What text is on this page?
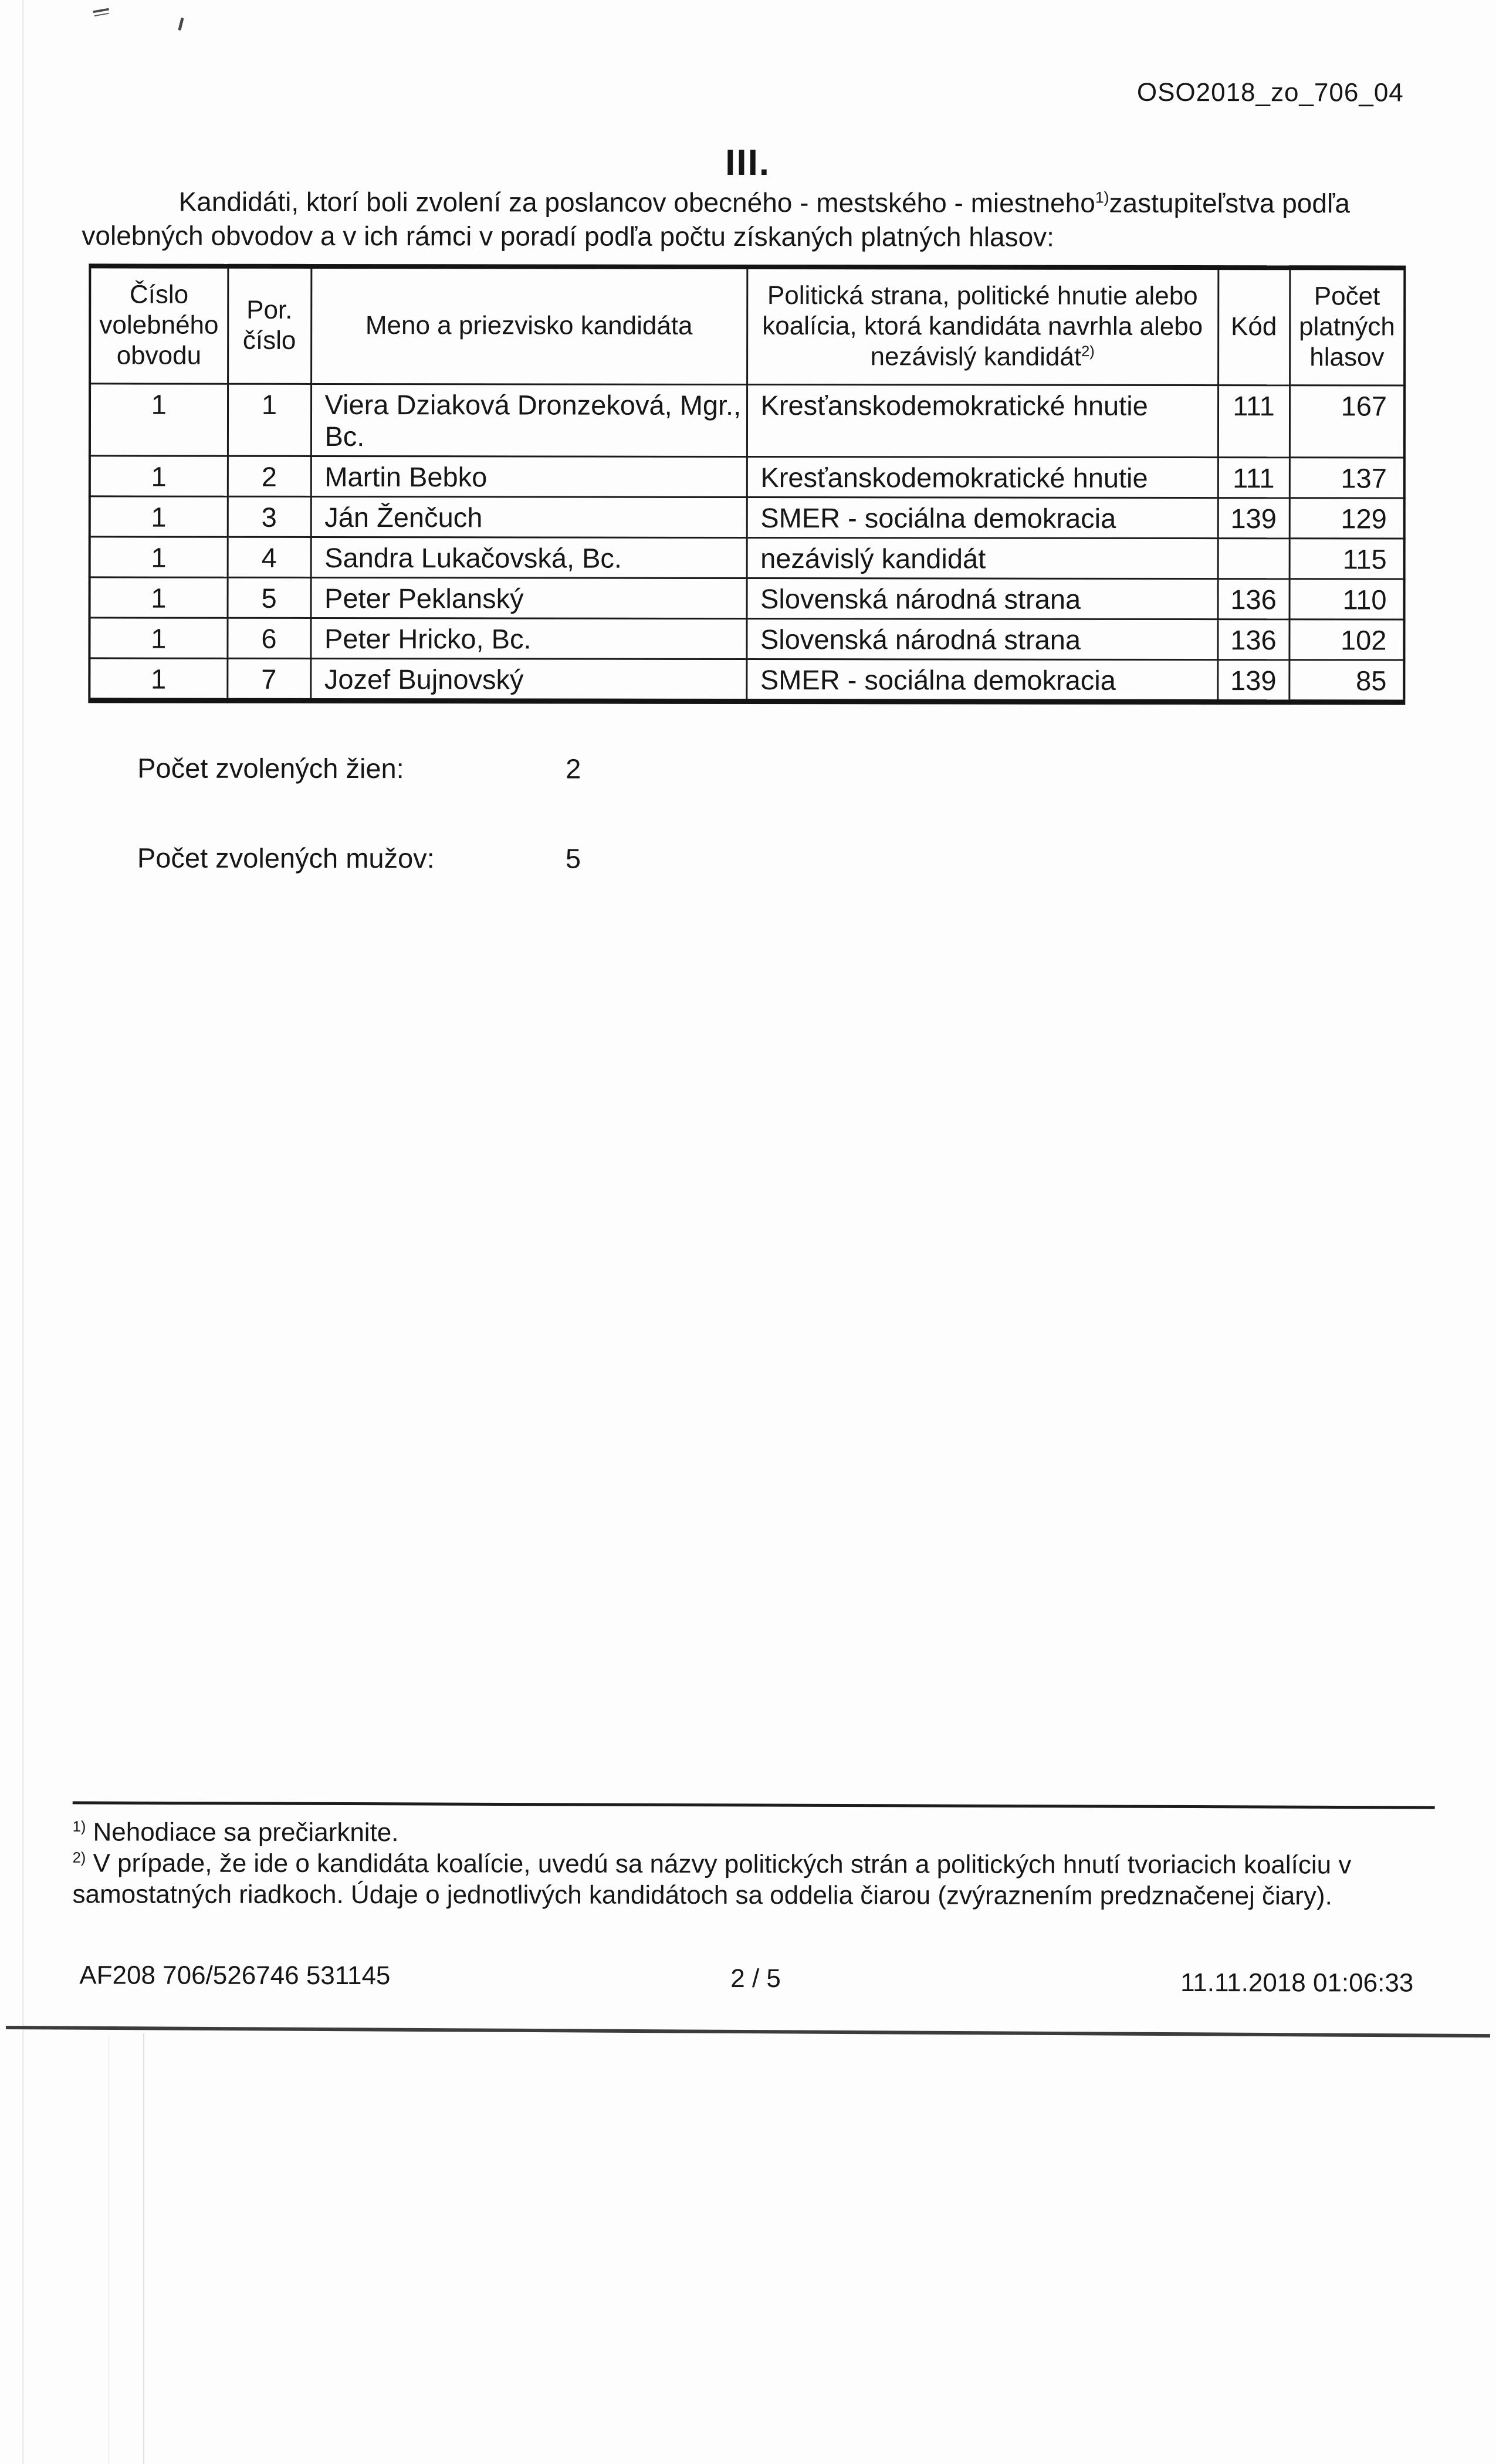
OSO2018_zo_706_04
III.

Kandidáti, ktorí boli zvolení za poslancov obecného - mestského - miestneho$^{1)}$zastupiteľstva podľa volebných obvodov a v ich rámci v poradí podľa počtu získaných platných hlasov:

Číslo volebného obvodu	Por. číslo	Meno a priezvisko kandidáta	Politická strana, politické hnutie alebo koalícia, ktorá kandidáta navrhla alebo nezávislý kandidát$^{2)}$	Kód	Počet platných hlasov
1	1	Viera Dziaková Dronzeková, Mgr., Bc.	Kresťanskodemokratické hnutie	111	167
1	2	Martin Bebko	Kresťanskodemokratické hnutie	111	137
1	3	Ján Ženčuch	SMER - sociálna demokracia	139	129
1	4	Sandra Lukačovská, Bc.	nezávislý kandidát		115
1	5	Peter Peklanský	Slovenská národná strana	136	110
1	6	Peter Hricko, Bc.	Slovenská národná strana	136	102
1	7	Jozef Bujnovský	SMER - sociálna demokracia	139	85
Počet zvolených žien:	2
Počet zvolených mužov:	5
$^{1)}$ Nehodiace sa prečiarknite.
$^{2)}$ V prípade, že ide o kandidáta koalície, uvedú sa názvy politických strán a politických hnutí tvoriacich koalíciu v samostatných riadkoch. Údaje o jednotlivých kandidátoch sa oddelia čiarou (zvýraznením predznačenej čiary).
AF208 706/526746 531145	2 / 5	11.11.2018 01:06:33
